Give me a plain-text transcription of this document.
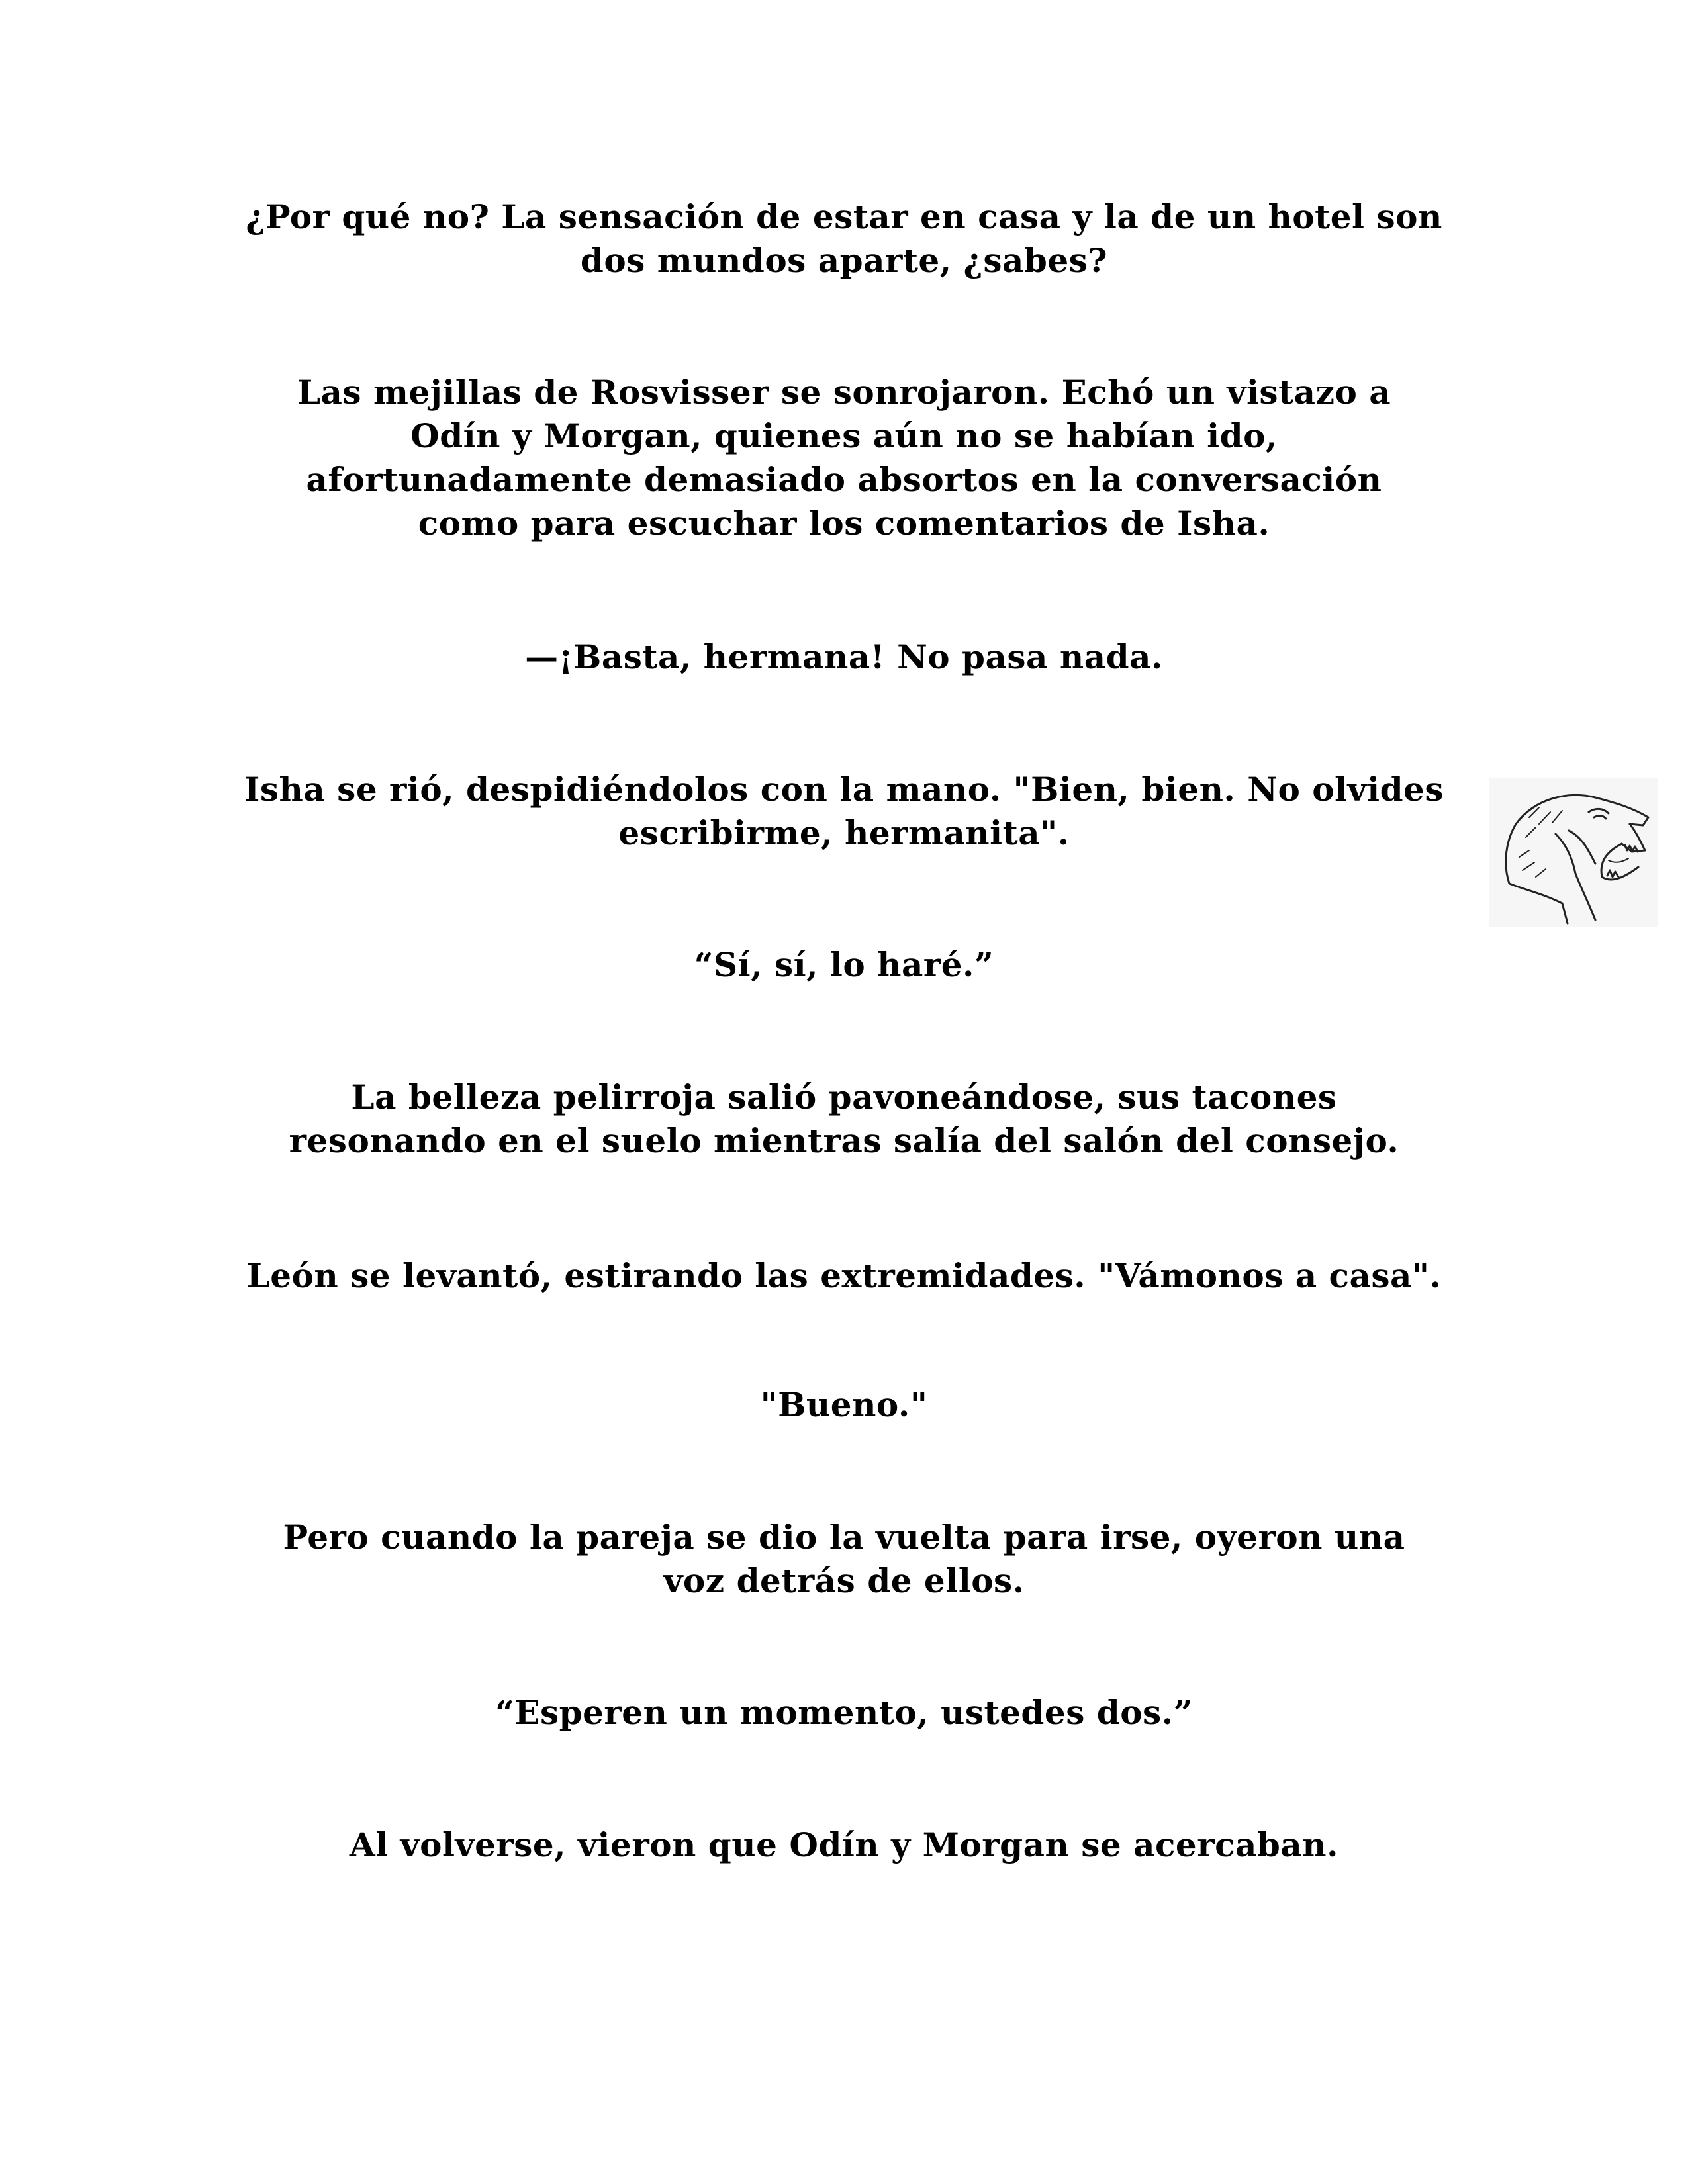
¿Por qué no? La sensación de estar en casa y la de un hotel son
dos mundos aparte, ¿sabes?

Las mejillas de Rosvisser se sonrojaron. Echó un vistazo a
Odín y Morgan, quienes aún no se habían ido,
afortunadamente demasiado absortos en la conversación
como para escuchar los comentarios de Isha.

—¡Basta, hermana! No pasa nada.

Isha se rió, despidiéndolos con la mano. "Bien, bien. No olvides
escribirme, hermanita".

“Sí, sí, lo haré.”

La belleza pelirroja salió pavoneándose, sus tacones
resonando en el suelo mientras salía del salón del consejo.

León se levantó, estirando las extremidades. "Vámonos a casa".

"Bueno."

Pero cuando la pareja se dio la vuelta para irse, oyeron una
voz detrás de ellos.

“Esperen un momento, ustedes dos.”

Al volverse, vieron que Odín y Morgan se acercaban.
